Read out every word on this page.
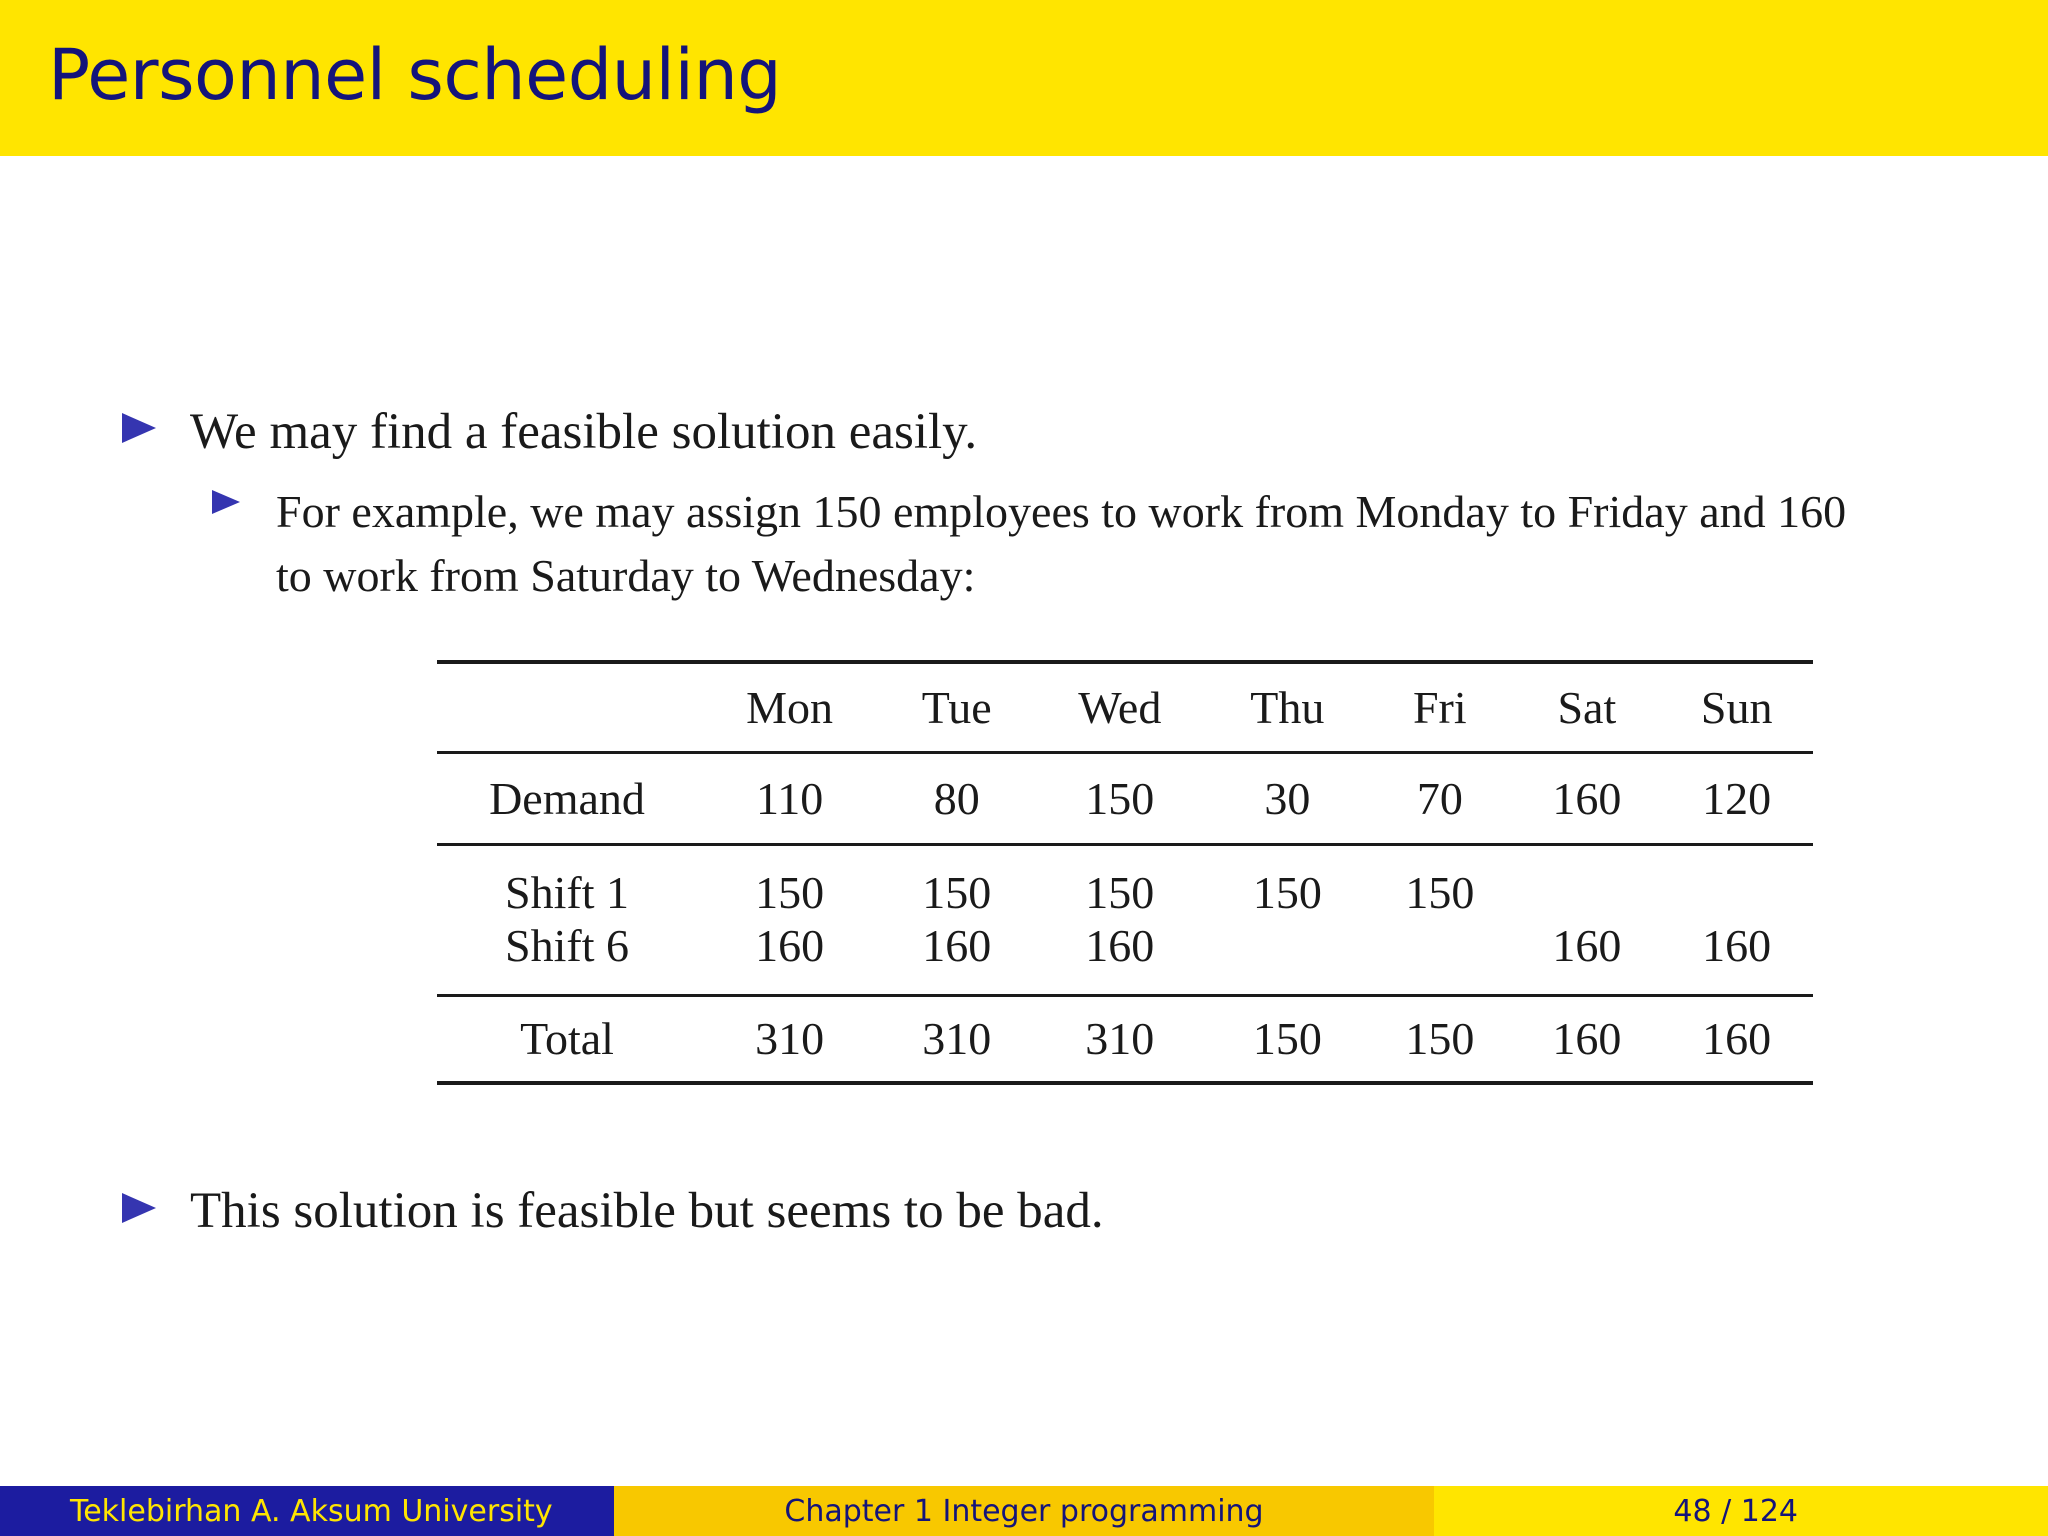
Personnel scheduling
We may find a feasible solution easily.
For example, we may assign 150 employees to work from Monday to Friday and 160 to work from Saturday to Wednesday:
	Mon	Tue	Wed	Thu	Fri	Sat	Sun
Demand	110	80	150	30	70	160	120
Shift 1	150	150	150	150	150		
Shift 6	160	160	160			160	160
Total	310	310	310	150	150	160	160
This solution is feasible but seems to be bad.
Teklebirhan A. Aksum University	Chapter 1 Integer programming	48 / 124
